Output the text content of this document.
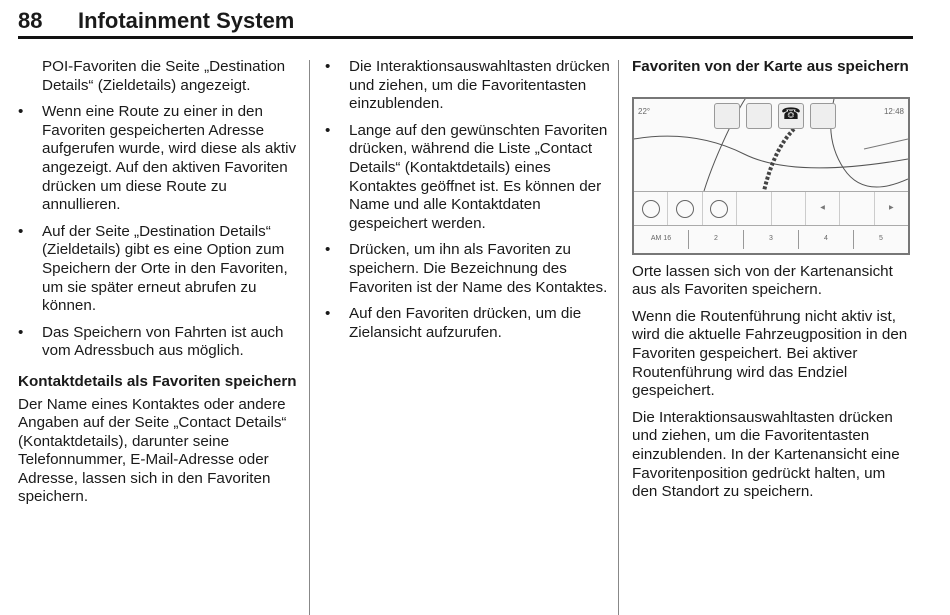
88	Infotainment System

POI-Favoriten die Seite „Destination Details“ (Zieldetails) angezeigt.

• Wenn eine Route zu einer in den Favoriten gespeicherten Adresse aufgerufen wurde, wird diese als aktiv angezeigt. Auf den aktiven Favoriten drücken um diese Route zu annullieren.
• Auf der Seite „Destination Details“ (Zieldetails) gibt es eine Option zum Speichern der Orte in den Favoriten, um sie später erneut abrufen zu können.
• Das Speichern von Fahrten ist auch vom Adressbuch aus möglich.
Kontaktdetails als Favoriten speichern

Der Name eines Kontaktes oder andere Angaben auf der Seite „Contact Details“ (Kontaktdetails), darunter seine Telefonnummer, E-Mail-Adresse oder Adresse, lassen sich in den Favoriten speichern.

• Die Interaktionsauswahltasten drücken und ziehen, um die Favoritentasten einzublenden.
• Lange auf den gewünschten Favoriten drücken, während die Liste „Contact Details“ (Kontaktdetails) eines Kontaktes geöffnet ist. Es können der Name und alle Kontaktdaten gespeichert werden.
• Drücken, um ihn als Favoriten zu speichern. Die Bezeichnung des Favoriten ist der Name des Kontaktes.
• Auf den Favoriten drücken, um die Zielansicht aufzurufen.
Favoriten von der Karte aus speichern
22°	12:48
☎
◀	▶
AM 16	2	3	4	5

Orte lassen sich von der Kartenansicht aus als Favoriten speichern.

Wenn die Routenführung nicht aktiv ist, wird die aktuelle Fahrzeugposition in den Favoriten gespeichert. Bei aktiver Routenführung wird das Endziel gespeichert.

Die Interaktionsauswahltasten drücken und ziehen, um die Favoritentasten einzublenden. In der Kartenansicht eine Favoritenposition gedrückt halten, um den Standort zu speichern.
